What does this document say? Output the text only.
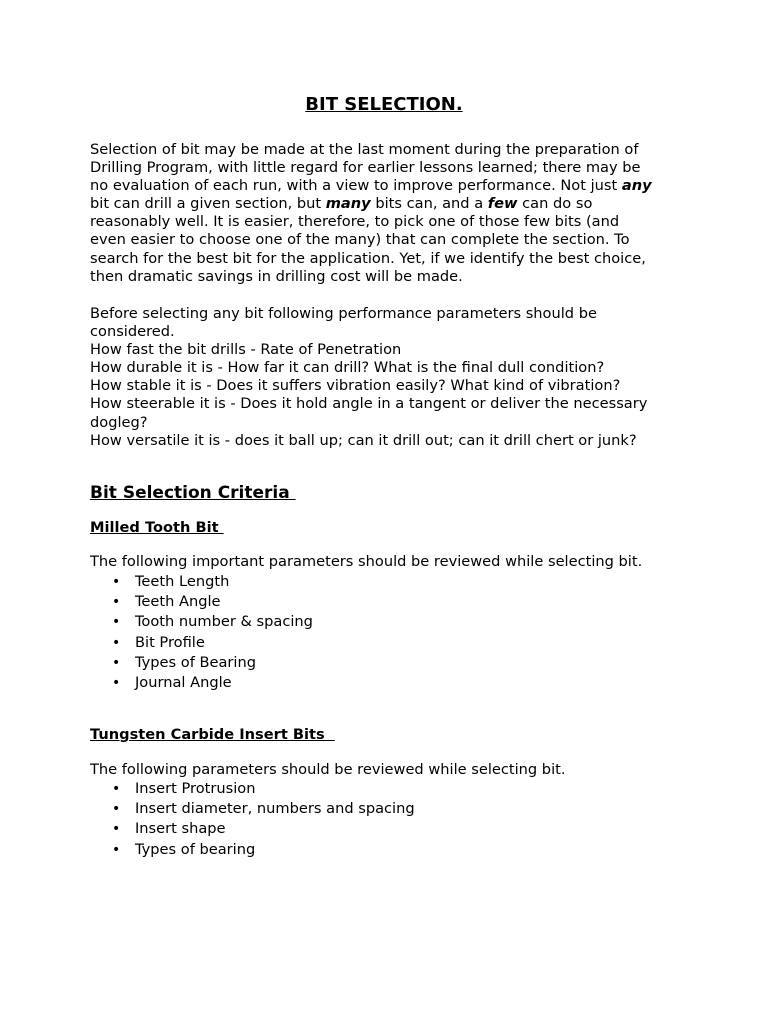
BIT SELECTION.
Selection of bit may be made at the last moment during the preparation of
Drilling Program, with little regard for earlier lessons learned; there may be
no evaluation of each run, with a view to improve performance. Not just any
bit can drill a given section, but many bits can, and a few can do so
reasonably well. It is easier, therefore, to pick one of those few bits (and
even easier to choose one of the many) that can complete the section. To
search for the best bit for the application. Yet, if we identify the best choice,
then dramatic savings in drilling cost will be made.
Before selecting any bit following performance parameters should be
considered.
How fast the bit drills - Rate of Penetration
How durable it is - How far it can drill? What is the final dull condition?
How stable it is - Does it suffers vibration easily? What kind of vibration?
How steerable it is - Does it hold angle in a tangent or deliver the necessary
dogleg?
How versatile it is - does it ball up; can it drill out; can it drill chert or junk?
Bit Selection Criteria
Milled Tooth Bit
The following important parameters should be reviewed while selecting bit.
• Teeth Length
• Teeth Angle
• Tooth number & spacing
• Bit Profile
• Types of Bearing
• Journal Angle
Tungsten Carbide Insert Bits
The following parameters should be reviewed while selecting bit.
• Insert Protrusion
• Insert diameter, numbers and spacing
• Insert shape
• Types of bearing
